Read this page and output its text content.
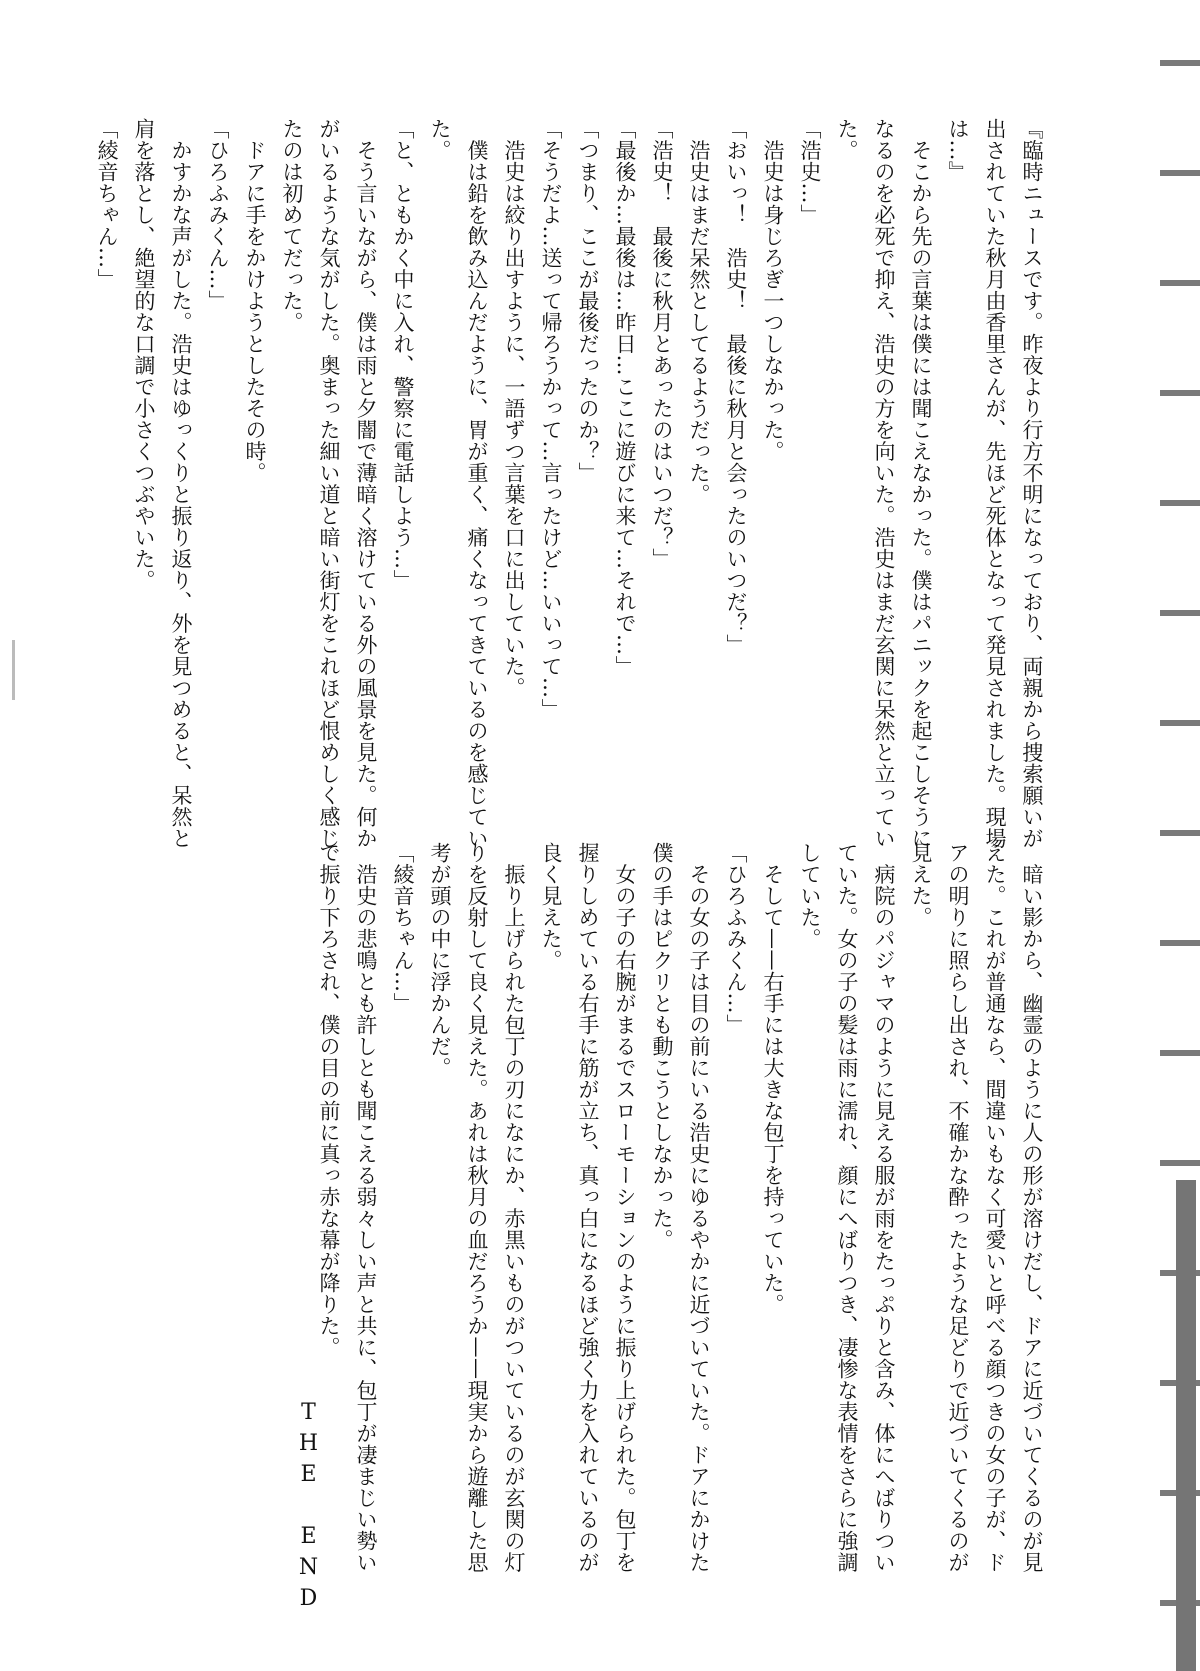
『臨時ニュースです。昨夜より行方不明になっており、両親から捜索願いが

出されていた秋月由香里さんが、先ほど死体となって発見されました。現場

は…』

　そこから先の言葉は僕には聞こえなかった。僕はパニックを起こしそうに

なるのを必死で抑え、浩史の方を向いた。浩史はまだ玄関に呆然と立ってい

た。

「浩史…」

　浩史は身じろぎ一つしなかった。

「おいっ！　浩史！　最後に秋月と会ったのいつだ？」

　浩史はまだ呆然としてるようだった。

「浩史！　最後に秋月とあったのはいつだ？」

「最後か…最後は…昨日…ここに遊びに来て…それで…」

「つまり、ここが最後だったのか？」

「そうだよ…送って帰ろうかって…言ったけど…いいって…」

　浩史は絞り出すように、一語ずつ言葉を口に出していた。

　僕は鉛を飲み込んだように、胃が重く、痛くなってきているのを感じてい

た。

「と、ともかく中に入れ、警察に電話しよう…」

　そう言いながら、僕は雨と夕闇で薄暗く溶けている外の風景を見た。何か

がいるような気がした。奥まった細い道と暗い街灯をこれほど恨めしく感じ

たのは初めてだった。

　ドアに手をかけようとしたその時。

「ひろふみくん…」

　かすかな声がした。浩史はゆっくりと振り返り、外を見つめると、呆然と

肩を落とし、絶望的な口調で小さくつぶやいた。

「綾音ちゃん…」

　暗い影から、幽霊のように人の形が溶けだし、ドアに近づいてくるのが見

えた。これが普通なら、間違いもなく可愛いと呼べる顔つきの女の子が、ド

アの明りに照らし出され、不確かな酔ったような足どりで近づいてくるのが

見えた。

　病院のパジャマのように見える服が雨をたっぷりと含み、体にへばりつい

ていた。女の子の髪は雨に濡れ、顔にへばりつき、凄惨な表情をさらに強調

していた。

　そして——右手には大きな包丁を持っていた。

「ひろふみくん…」

　その女の子は目の前にいる浩史にゆるやかに近づいていた。ドアにかけた

僕の手はピクリとも動こうとしなかった。

　女の子の右腕がまるでスローモーションのように振り上げられた。包丁を

握りしめている右手に筋が立ち、真っ白になるほど強く力を入れているのが

良く見えた。

　振り上げられた包丁の刃になにか、赤黒いものがついているのが玄関の灯

りを反射して良く見えた。あれは秋月の血だろうか——現実から遊離した思

考が頭の中に浮かんだ。

「綾音ちゃん…」

　浩史の悲鳴とも許しとも聞こえる弱々しい声と共に、包丁が凄まじい勢い

で振り下ろされ、僕の目の前に真っ赤な幕が降りた。

THE END
